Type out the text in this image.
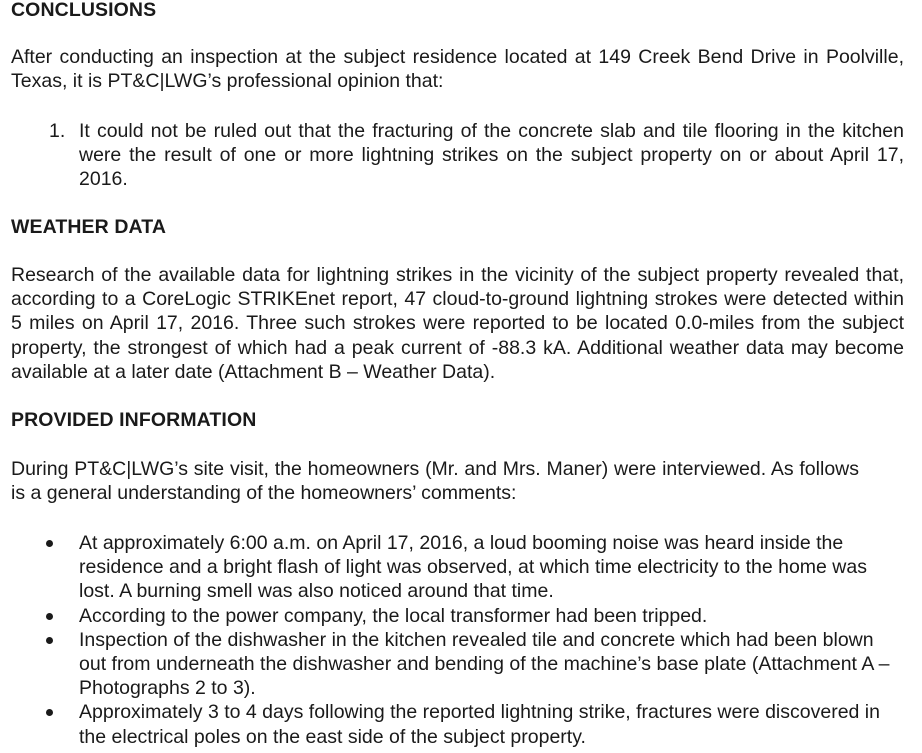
CONCLUSIONS

After conducting an inspection at the subject residence located at 149 Creek Bend Drive in Poolville, Texas, it is PT&C|LWG’s professional opinion that:

1. It could not be ruled out that the fracturing of the concrete slab and tile flooring in the kitchen were the result of one or more lightning strikes on the subject property on or about April 17, 2016.
WEATHER DATA

Research of the available data for lightning strikes in the vicinity of the subject property revealed that, according to a CoreLogic STRIKEnet report, 47 cloud-to-ground lightning strokes were detected within 5 miles on April 17, 2016. Three such strokes were reported to be located 0.0-miles from the subject property, the strongest of which had a peak current of -88.3 kA. Additional weather data may become available at a later date (Attachment B – Weather Data).

PROVIDED INFORMATION

During PT&C|LWG’s site visit, the homeowners (Mr. and Mrs. Maner) were interviewed. As follows is a general understanding of the homeowners’ comments:

At approximately 6:00 a.m. on April 17, 2016, a loud booming noise was heard inside the residence and a bright flash of light was observed, at which time electricity to the home was lost. A burning smell was also noticed around that time.
According to the power company, the local transformer had been tripped.
Inspection of the dishwasher in the kitchen revealed tile and concrete which had been blown out from underneath the dishwasher and bending of the machine’s base plate (Attachment A – Photographs 2 to 3).
Approximately 3 to 4 days following the reported lightning strike, fractures were discovered in the electrical poles on the east side of the subject property.
